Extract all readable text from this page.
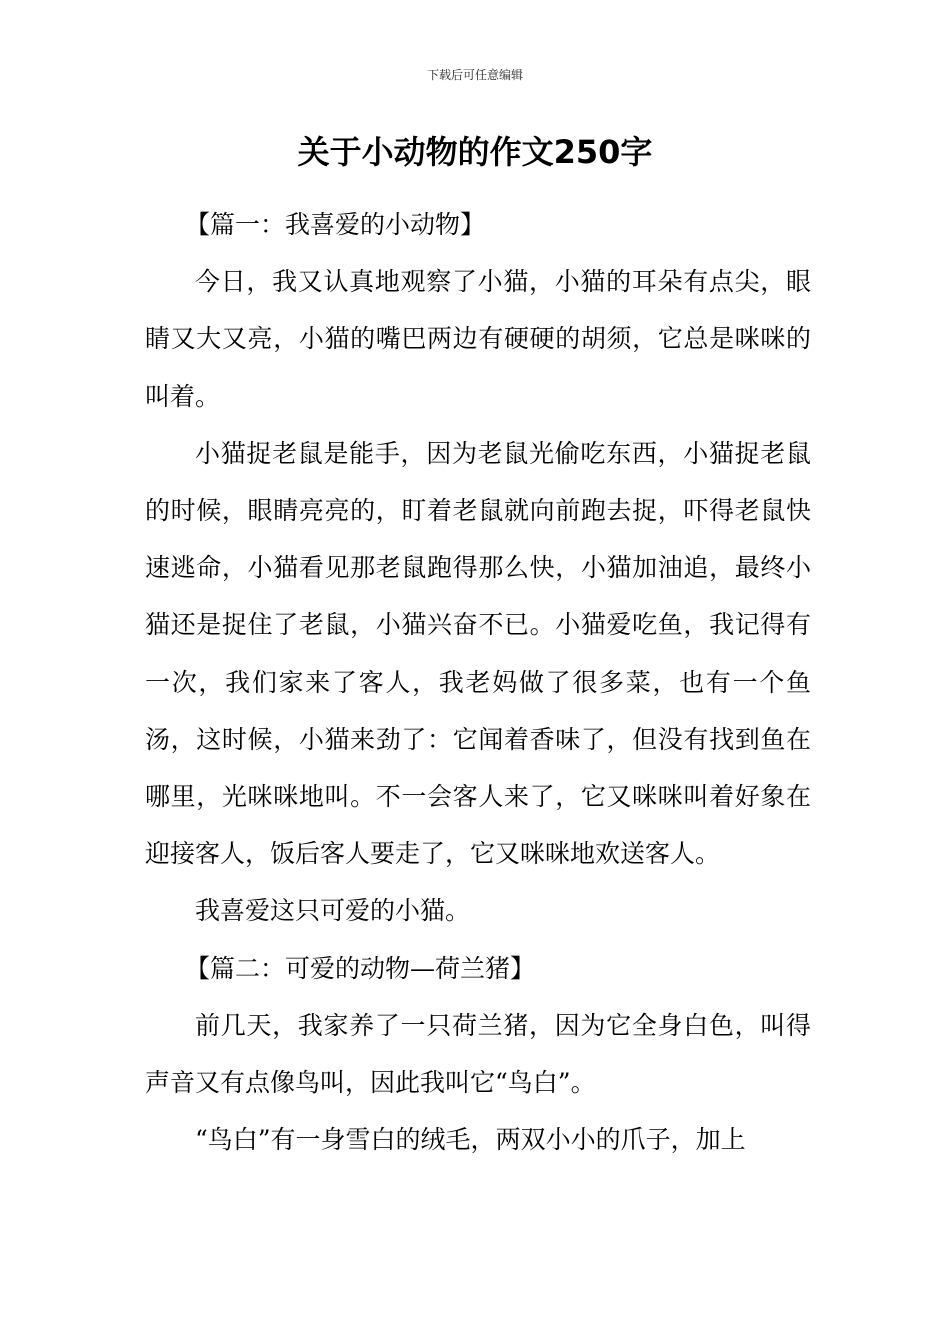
下载后可任意编辑
关于小动物的作文250字

【篇一：我喜爱的小动物】

今日，我又认真地观察了小猫，小猫的耳朵有点尖，眼睛又大又亮，小猫的嘴巴两边有硬硬的胡须，它总是咪咪的叫着。

小猫捉老鼠是能手，因为老鼠光偷吃东西，小猫捉老鼠的时候，眼睛亮亮的，盯着老鼠就向前跑去捉，吓得老鼠快速逃命，小猫看见那老鼠跑得那么快，小猫加油追，最终小猫还是捉住了老鼠，小猫兴奋不已。小猫爱吃鱼，我记得有一次，我们家来了客人，我老妈做了很多菜，也有一个鱼汤，这时候，小猫来劲了：它闻着香味了，但没有找到鱼在哪里，光咪咪地叫。不一会客人来了，它又咪咪叫着好象在迎接客人，饭后客人要走了，它又咪咪地欢送客人。

我喜爱这只可爱的小猫。

【篇二：可爱的动物—荷兰猪】

前几天，我家养了一只荷兰猪，因为它全身白色，叫得声音又有点像鸟叫，因此我叫它“鸟白”。

“鸟白”有一身雪白的绒毛，两双小小的爪子，加上
